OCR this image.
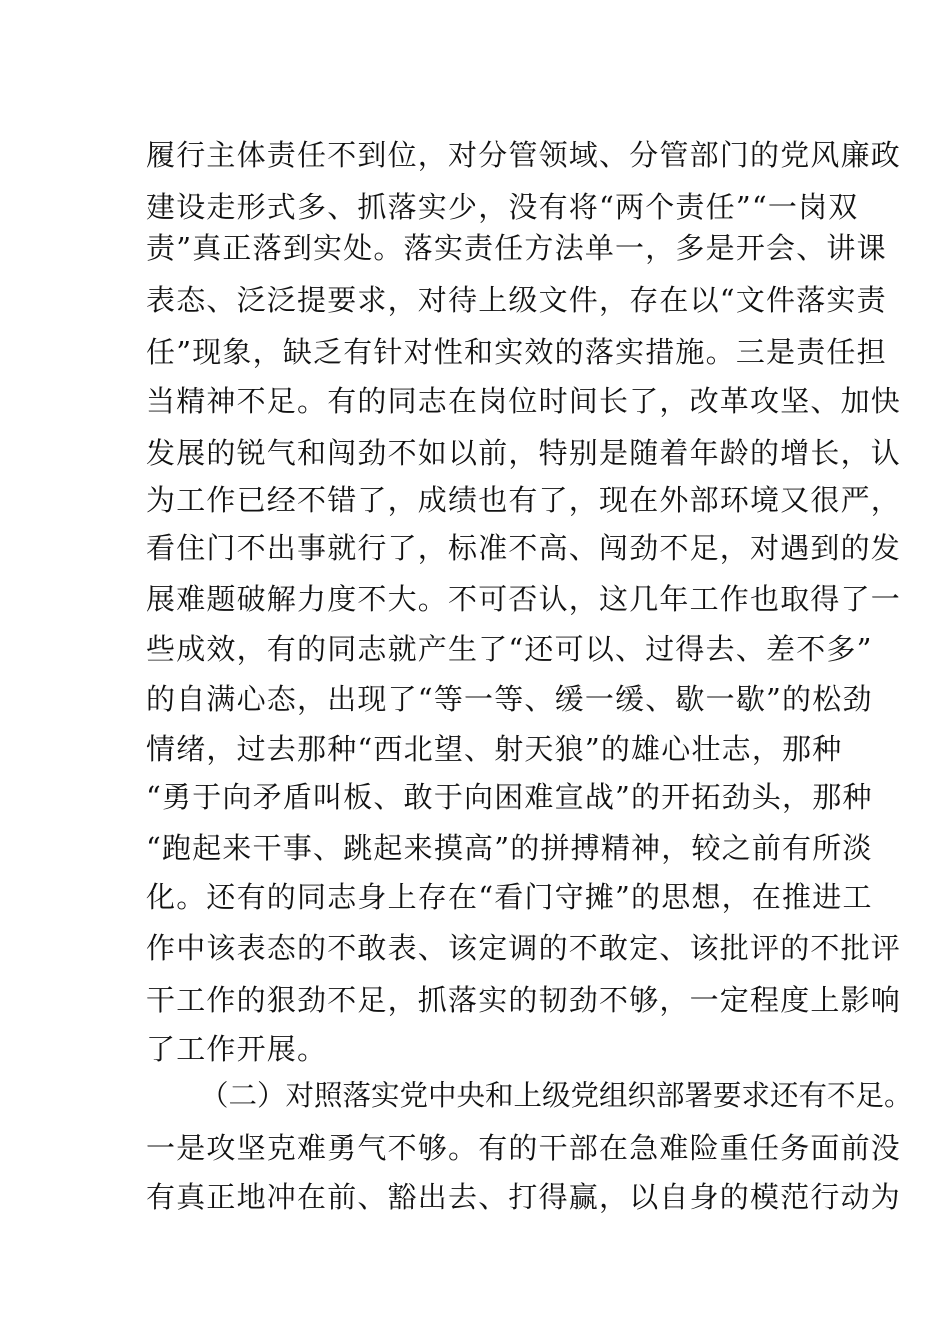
履行主体责任不到位，对分管领域、分管部门的党风廉政
建设走形式多、抓落实少，没有将“两个责任”“一岗双
责”真正落到实处。落实责任方法单一，多是开会、讲课
表态、泛泛提要求，对待上级文件，存在以“文件落实责
任”现象，缺乏有针对性和实效的落实措施。三是责任担
当精神不足。有的同志在岗位时间长了，改革攻坚、加快
发展的锐气和闯劲不如以前，特别是随着年龄的增长，认
为工作已经不错了，成绩也有了，现在外部环境又很严，
看住门不出事就行了，标准不高、闯劲不足，对遇到的发
展难题破解力度不大。不可否认，这几年工作也取得了一
些成效，有的同志就产生了“还可以、过得去、差不多”
的自满心态，出现了“等一等、缓一缓、歇一歇”的松劲
情绪，过去那种“西北望、射天狼”的雄心壮志，那种
“勇于向矛盾叫板、敢于向困难宣战”的开拓劲头，那种
“跑起来干事、跳起来摸高”的拼搏精神，较之前有所淡
化。还有的同志身上存在“看门守摊”的思想，在推进工
作中该表态的不敢表、该定调的不敢定、该批评的不批评
干工作的狠劲不足，抓落实的韧劲不够，一定程度上影响
了工作开展。
（二）对照落实党中央和上级党组织部署要求还有不足。
一是攻坚克难勇气不够。有的干部在急难险重任务面前没
有真正地冲在前、豁出去、打得赢，以自身的模范行动为
